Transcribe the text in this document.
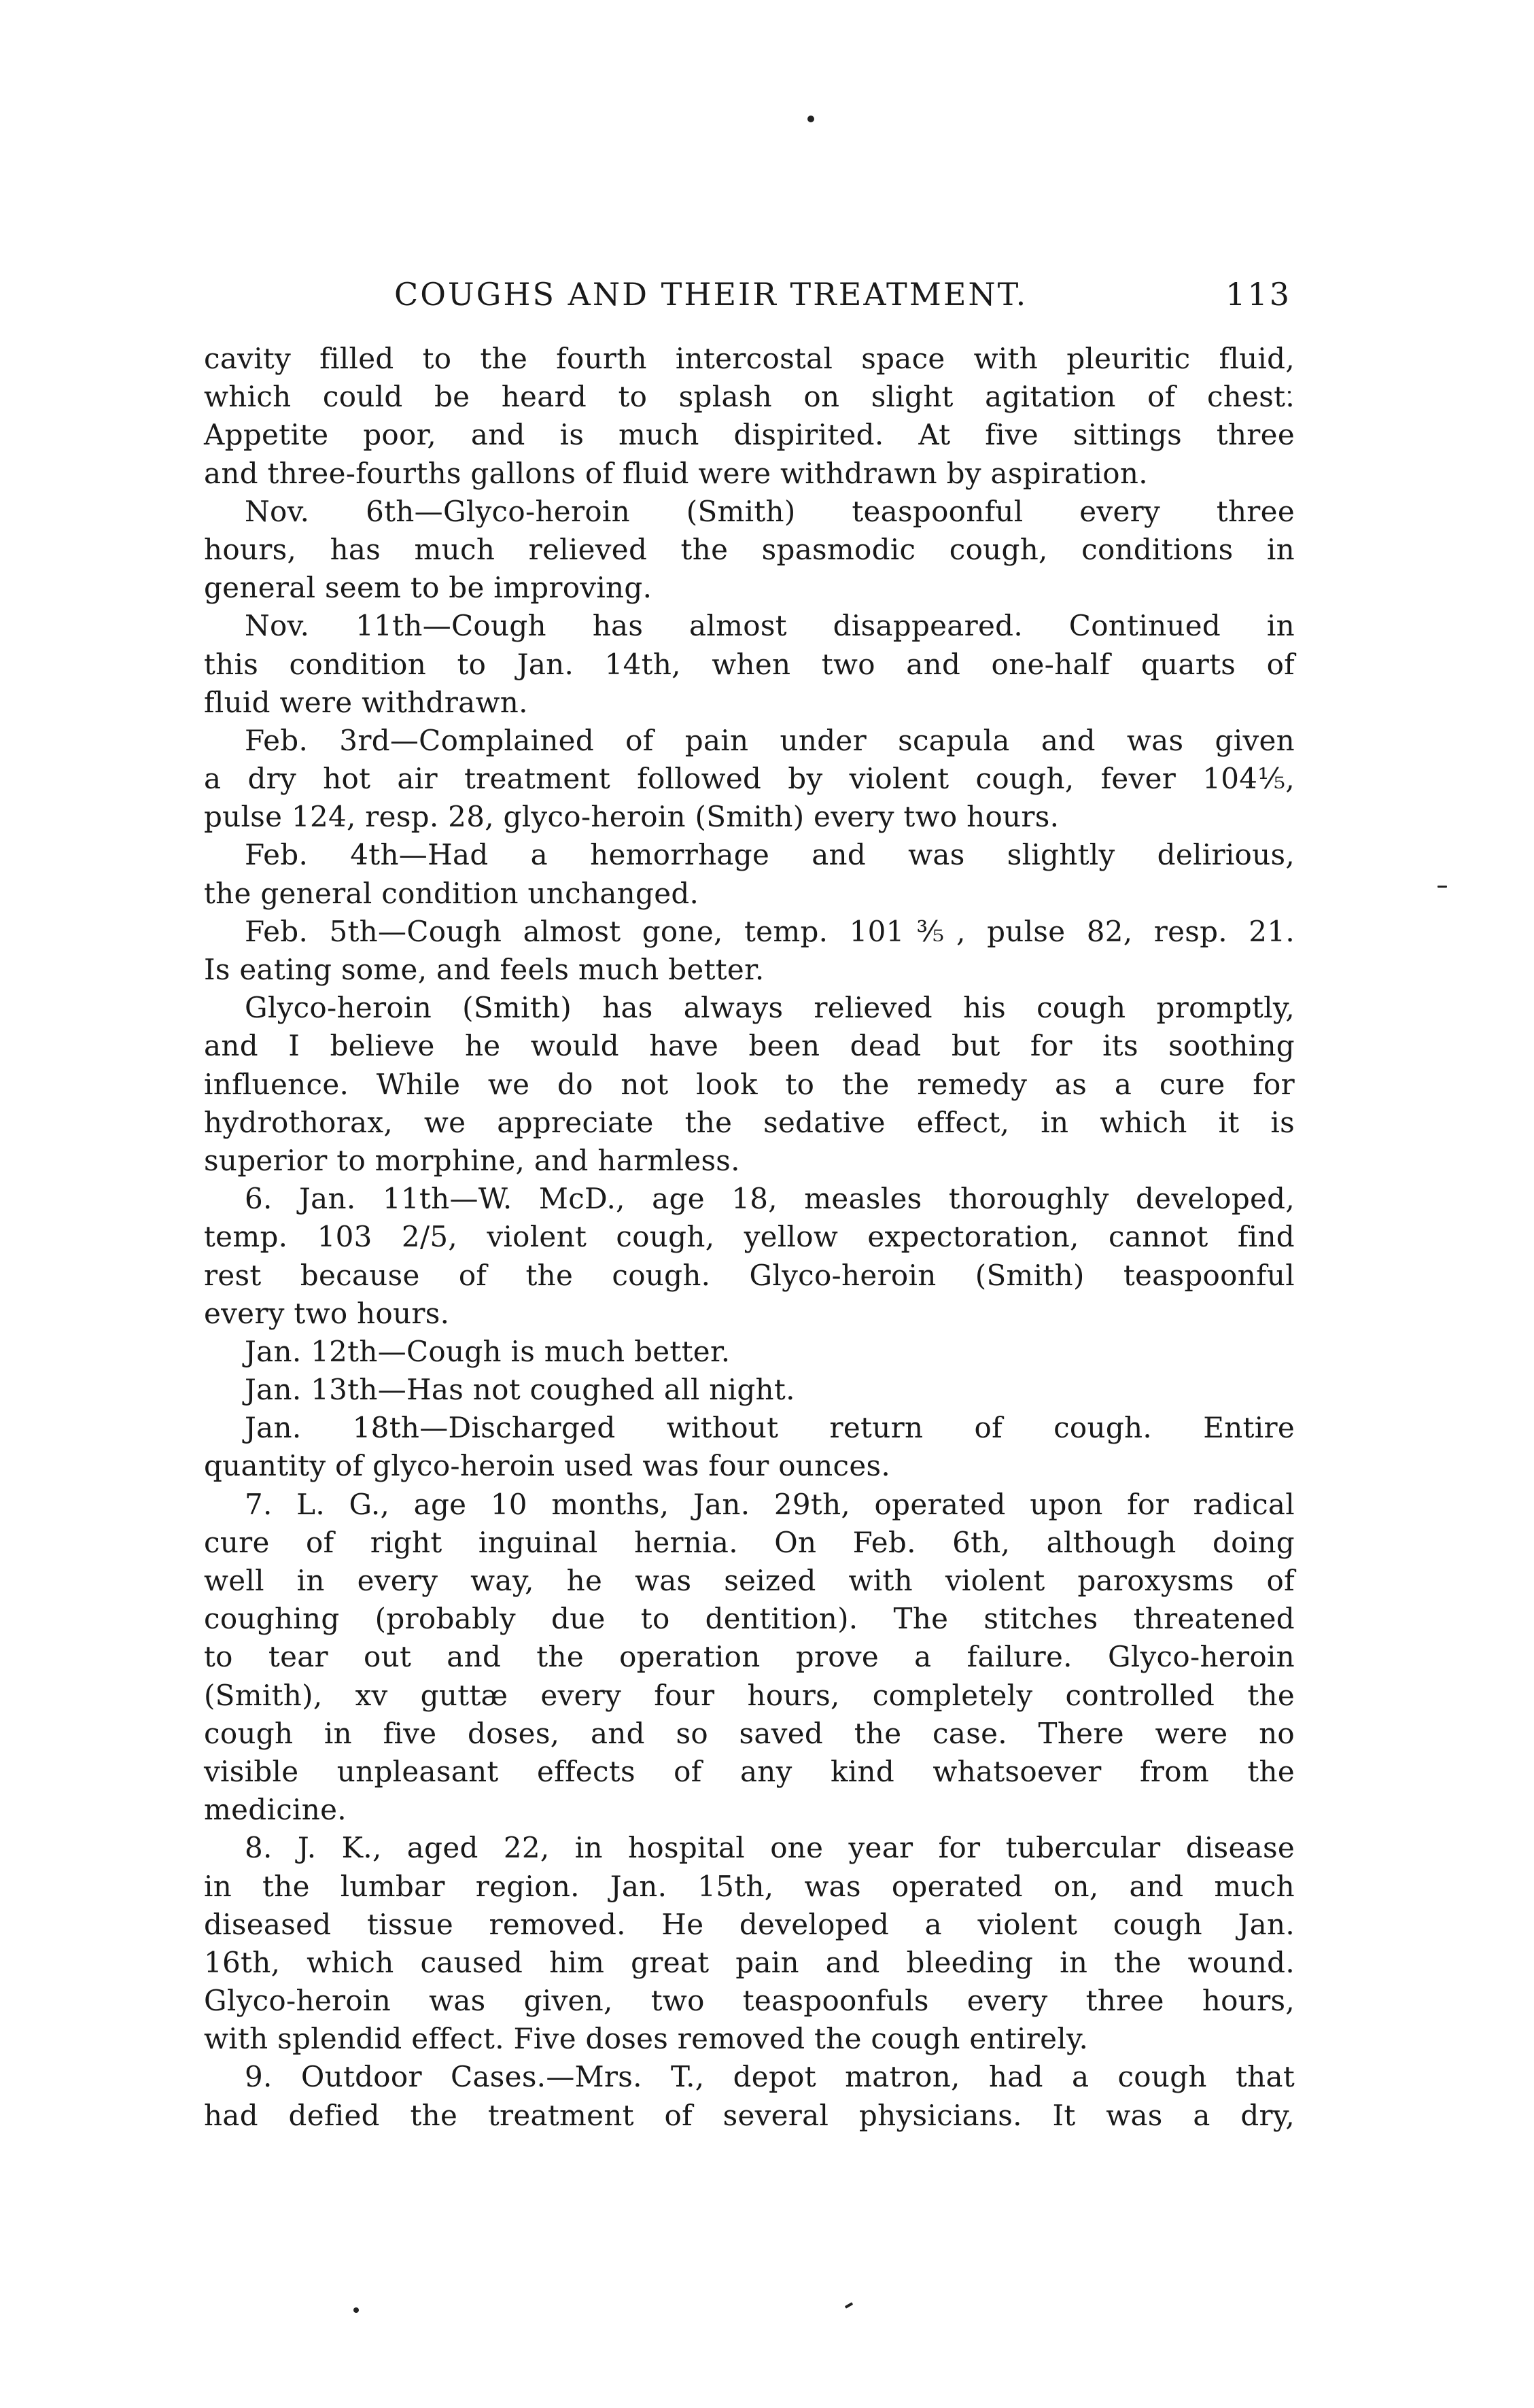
COUGHS AND THEIR TREATMENT.	113
cavity filled to the fourth intercostal space with pleuritic fluid,
which could be heard to splash on slight agitation of chest.
Appetite poor, and is much dispirited. At five sittings three
and three-fourths gallons of fluid were withdrawn by aspiration.
Nov. 6th—Glyco-heroin (Smith) teaspoonful every three
hours, has much relieved the spasmodic cough, conditions in
general seem to be improving.
Nov. 11th—Cough has almost disappeared. Continued in
this condition to Jan. 14th, when two and one-half quarts of
fluid were withdrawn.
Feb. 3rd—Complained of pain under scapula and was given
a dry hot air treatment followed by violent cough, fever 104⅕,
pulse 124, resp. 28, glyco-heroin (Smith) every two hours.
Feb. 4th—Had a hemorrhage and was slightly delirious,
the general condition unchanged.
Feb. 5th—Cough almost gone, temp. 101⅗, pulse 82, resp. 21.
Is eating some, and feels much better.
Glyco-heroin (Smith) has always relieved his cough promptly,
and I believe he would have been dead but for its soothing
influence. While we do not look to the remedy as a cure for
hydrothorax, we appreciate the sedative effect, in which it is
superior to morphine, and harmless.
6. Jan. 11th—W. McD., age 18, measles thoroughly developed,
temp. 103 2/5, violent cough, yellow expectoration, cannot find
rest because of the cough. Glyco-heroin (Smith) teaspoonful
every two hours.
Jan. 12th—Cough is much better.
Jan. 13th—Has not coughed all night.
Jan. 18th—Discharged without return of cough. Entire
quantity of glyco-heroin used was four ounces.
7. L. G., age 10 months, Jan. 29th, operated upon for radical
cure of right inguinal hernia. On Feb. 6th, although doing
well in every way, he was seized with violent paroxysms of
coughing (probably due to dentition). The stitches threatened
to tear out and the operation prove a failure. Glyco-heroin
(Smith), xv guttæ every four hours, completely controlled the
cough in five doses, and so saved the case. There were no
visible unpleasant effects of any kind whatsoever from the
medicine.
8. J. K., aged 22, in hospital one year for tubercular disease
in the lumbar region. Jan. 15th, was operated on, and much
diseased tissue removed. He developed a violent cough Jan.
16th, which caused him great pain and bleeding in the wound.
Glyco-heroin was given, two teaspoonfuls every three hours,
with splendid effect. Five doses removed the cough entirely.
9. Outdoor Cases.—Mrs. T., depot matron, had a cough that
had defied the treatment of several physicians. It was a dry,
